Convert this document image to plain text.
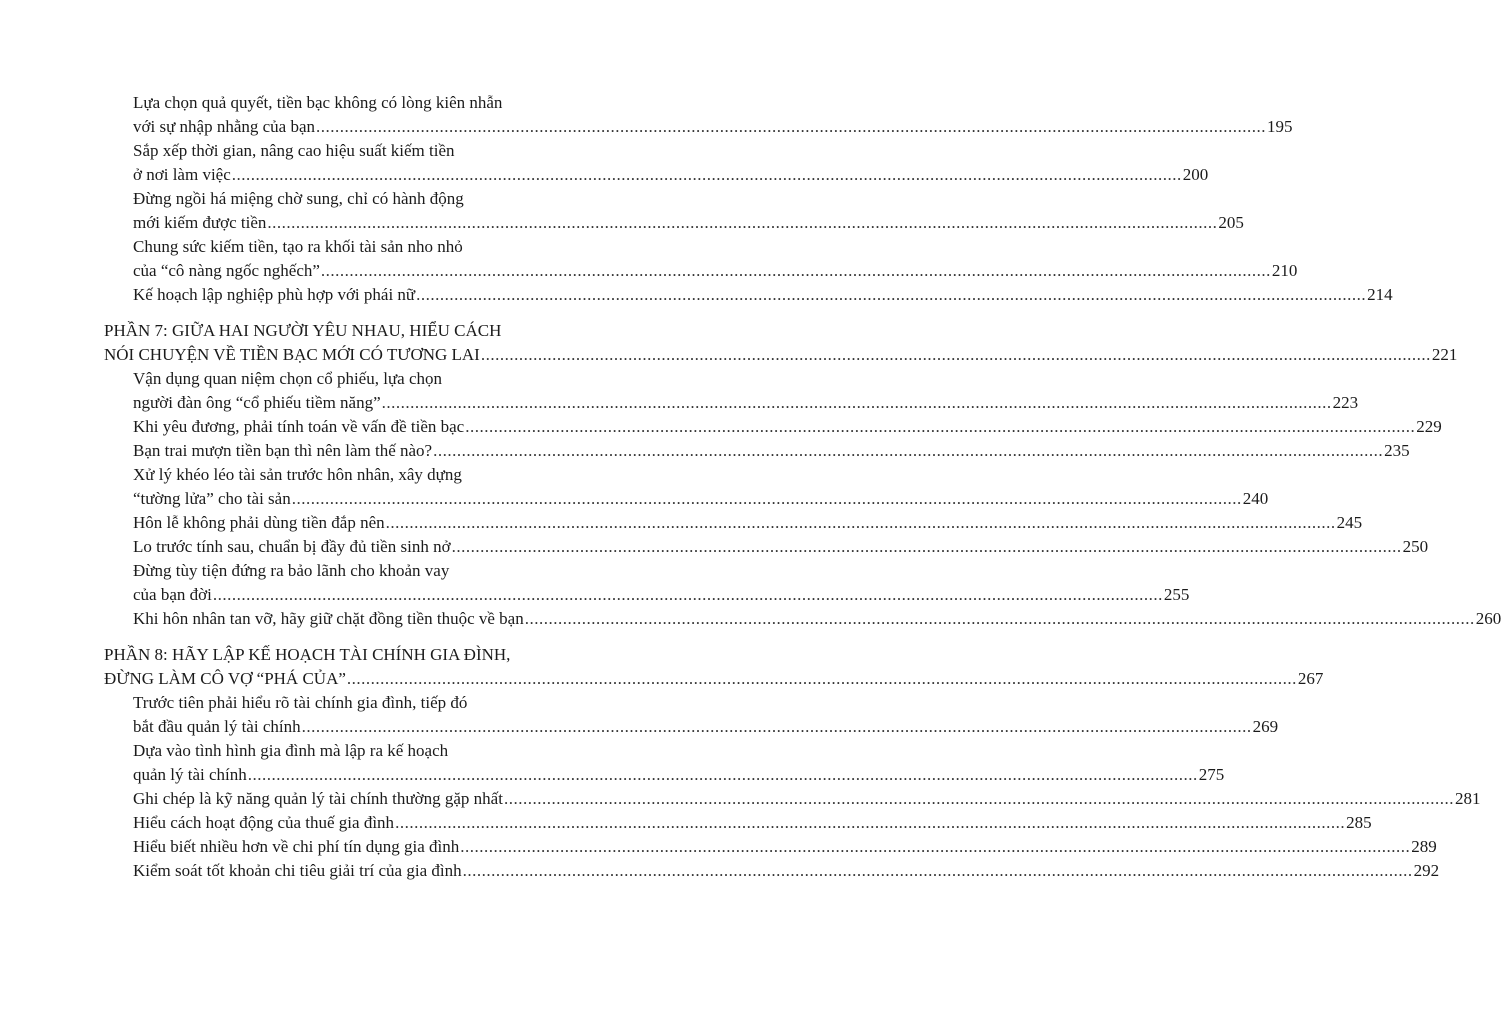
Lựa chọn quả quyết, tiền bạc không có lòng kiên nhẫn
với sự nhập nhằng của bạn ........................................................................................................................................................................................................ 195
Sắp xếp thời gian, nâng cao hiệu suất kiếm tiền
ở nơi làm việc ........................................................................................................................................................................................................ 200
Đừng ngồi há miệng chờ sung, chỉ có hành động
mới kiếm được tiền ........................................................................................................................................................................................................ 205
Chung sức kiếm tiền, tạo ra khối tài sản nho nhỏ
của “cô nàng ngốc nghếch” ........................................................................................................................................................................................................ 210
Kế hoạch lập nghiệp phù hợp với phái nữ ........................................................................................................................................................................................................ 214
PHẦN 7: GIỮA HAI NGƯỜI YÊU NHAU, HIỂU CÁCH
NÓI CHUYỆN VỀ TIỀN BẠC MỚI CÓ TƯƠNG LAI ........................................................................................................................................................................................................ 221
Vận dụng quan niệm chọn cổ phiếu, lựa chọn
người đàn ông “cổ phiếu tiềm năng” ........................................................................................................................................................................................................ 223
Khi yêu đương, phải tính toán về vấn đề tiền bạc ........................................................................................................................................................................................................ 229
Bạn trai mượn tiền bạn thì nên làm thế nào? ........................................................................................................................................................................................................ 235
Xử lý khéo léo tài sản trước hôn nhân, xây dựng
“tường lửa” cho tài sản ........................................................................................................................................................................................................ 240
Hôn lễ không phải dùng tiền đắp nên ........................................................................................................................................................................................................ 245
Lo trước tính sau, chuẩn bị đầy đủ tiền sinh nở ........................................................................................................................................................................................................ 250
Đừng tùy tiện đứng ra bảo lãnh cho khoản vay
của bạn đời ........................................................................................................................................................................................................ 255
Khi hôn nhân tan vỡ, hãy giữ chặt đồng tiền thuộc về bạn ........................................................................................................................................................................................................ 260
PHẦN 8: HÃY LẬP KẾ HOẠCH TÀI CHÍNH GIA ĐÌNH,
ĐỪNG LÀM CÔ VỢ “PHÁ CỦA” ........................................................................................................................................................................................................ 267
Trước tiên phải hiểu rõ tài chính gia đình, tiếp đó
bắt đầu quản lý tài chính ........................................................................................................................................................................................................ 269
Dựa vào tình hình gia đình mà lập ra kế hoạch
quản lý tài chính ........................................................................................................................................................................................................ 275
Ghi chép là kỹ năng quản lý tài chính thường gặp nhất ........................................................................................................................................................................................................ 281
Hiểu cách hoạt động của thuế gia đình ........................................................................................................................................................................................................ 285
Hiểu biết nhiều hơn về chi phí tín dụng gia đình ........................................................................................................................................................................................................ 289
Kiểm soát tốt khoản chi tiêu giải trí của gia đình ........................................................................................................................................................................................................ 292
